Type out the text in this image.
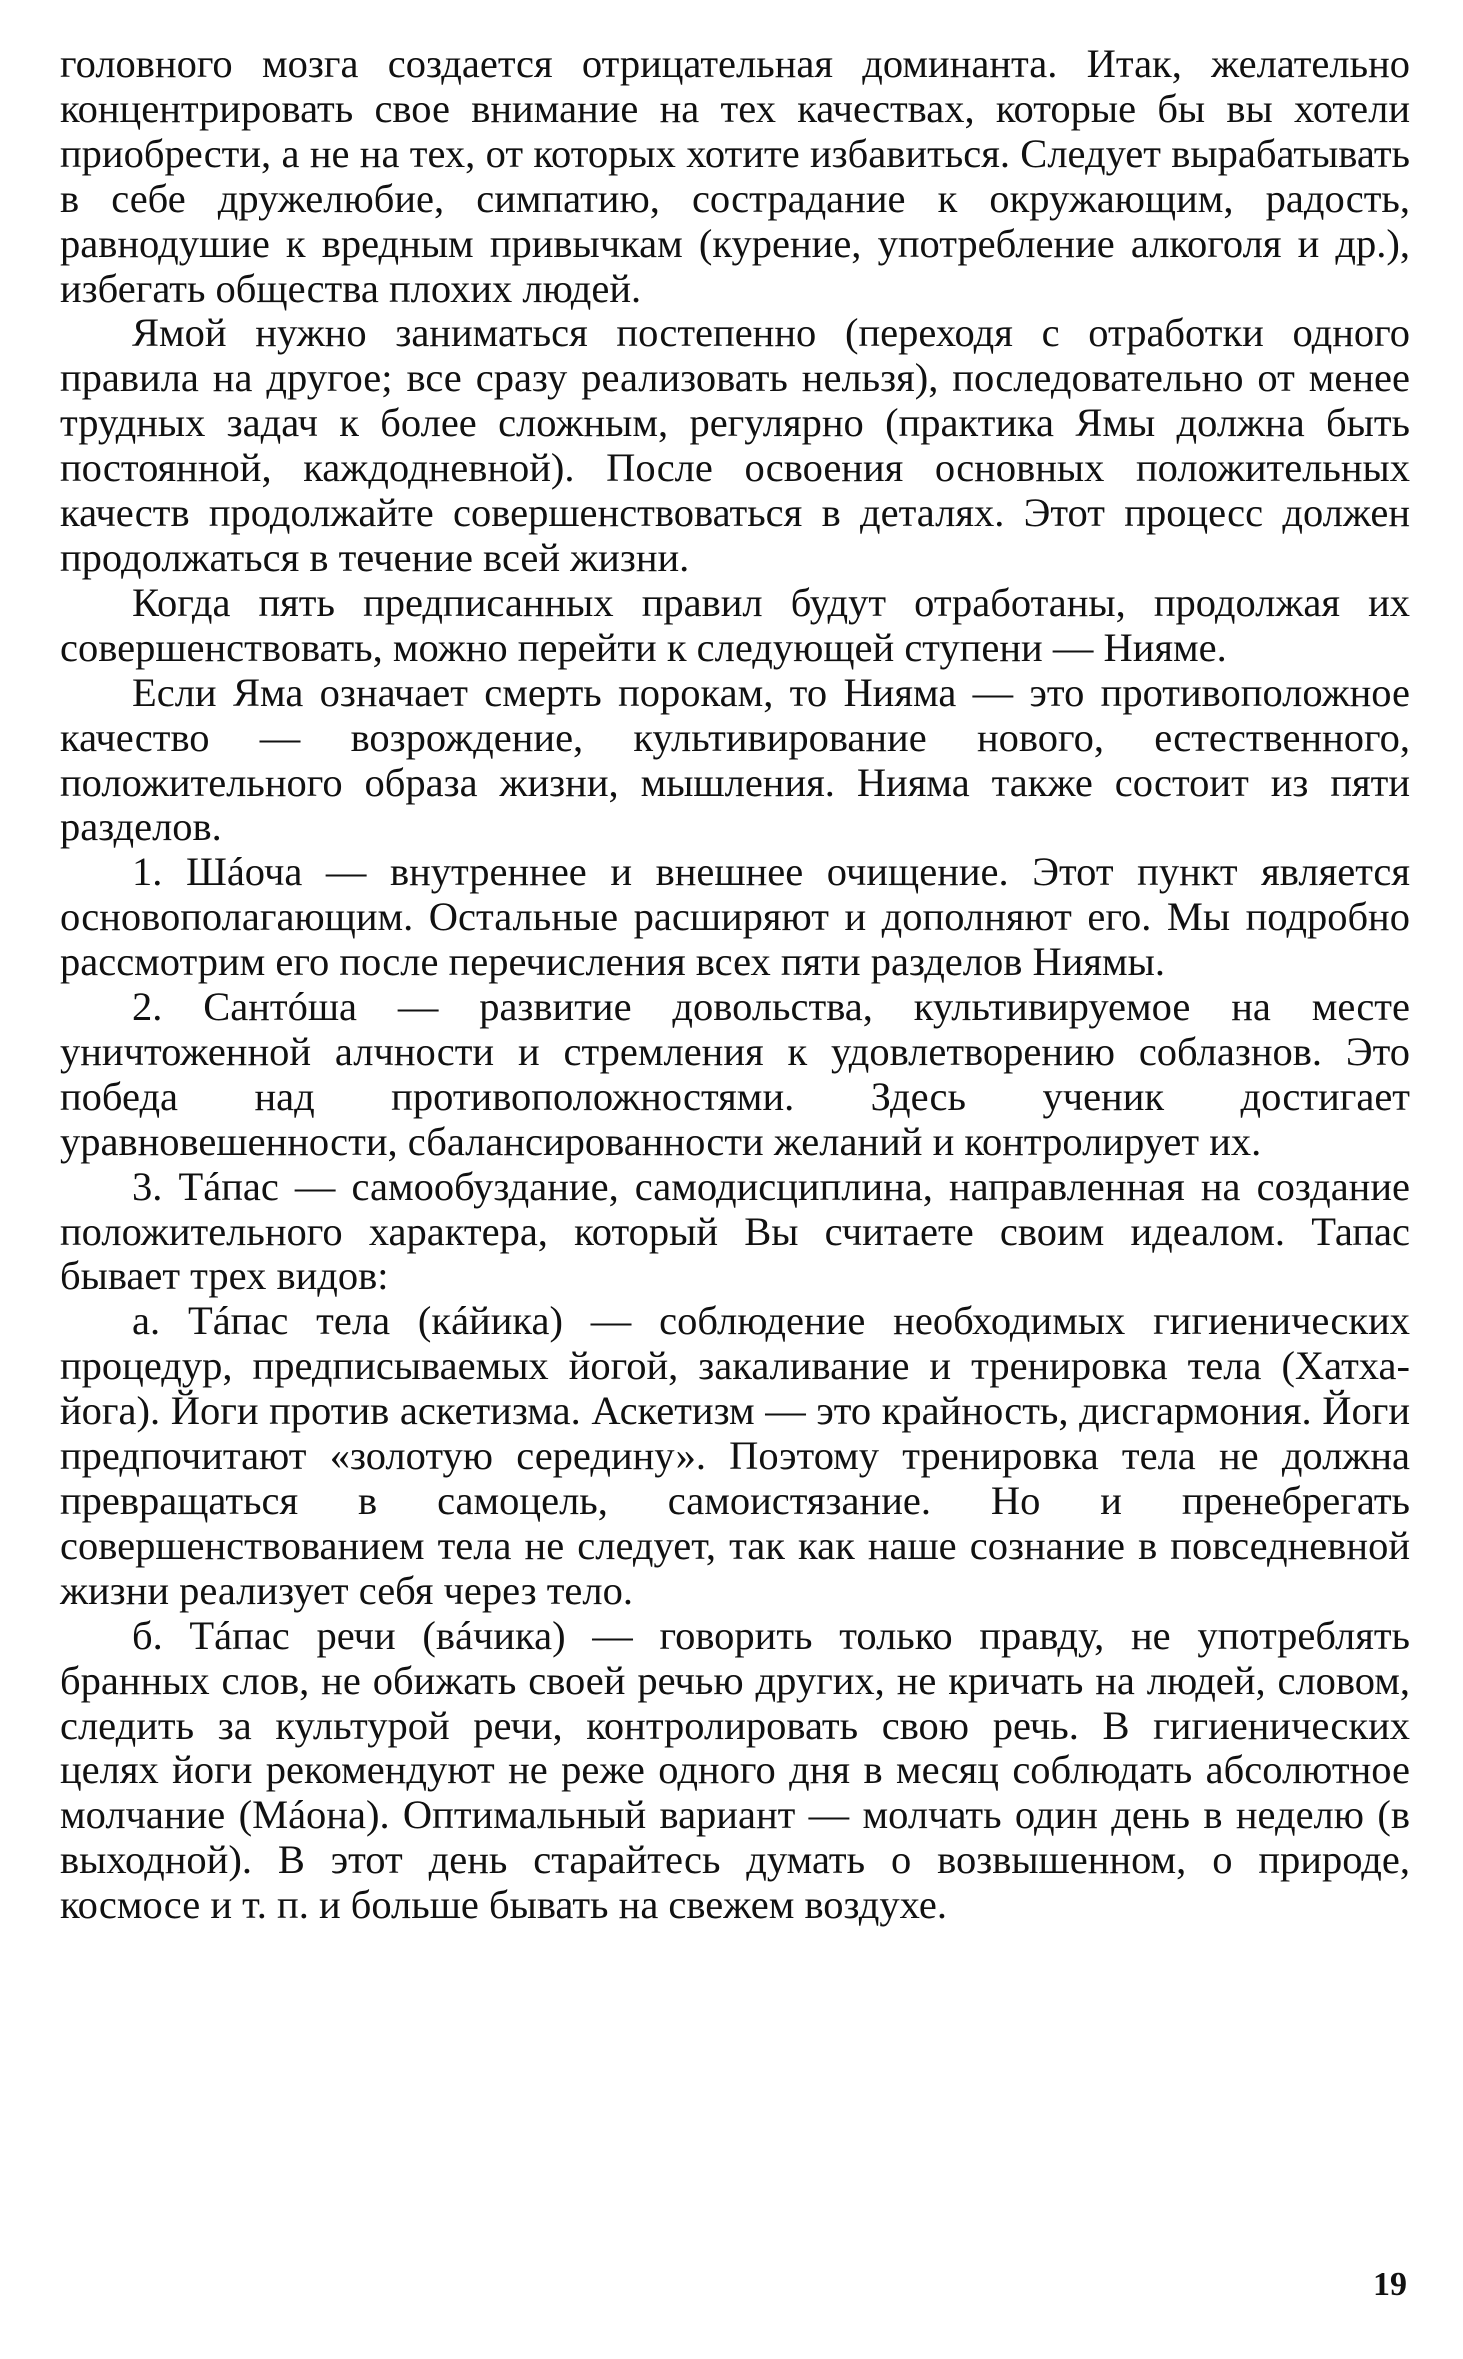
головного мозга создается отрицательная доминанта. Итак, желательно концентрировать свое внимание на тех качествах, которые бы вы хотели приобрести, а не на тех, от которых хотите избавиться. Следует вырабатывать в себе дружелюбие, симпатию, сострадание к окружающим, радость, равнодушие к вредным привычкам (курение, употребление алкоголя и др.), избегать общества плохих людей.

Ямой нужно заниматься постепенно (переходя с отработки одного правила на другое; все сразу реализовать нельзя), последовательно от менее трудных задач к более сложным, регулярно (практика Ямы должна быть постоянной, каждодневной). После освоения основных положительных качеств продолжайте совершенствоваться в деталях. Этот процесс должен продолжаться в течение всей жизни.

Когда пять предписанных правил будут отработаны, продолжая их совершенствовать, можно перейти к следующей ступени — Нияме.

Если Яма означает смерть порокам, то Нияма — это противоположное качество — возрождение, культивирование нового, естественного, положительного образа жизни, мышления. Нияма также состоит из пяти разделов.

1. Шáоча — внутреннее и внешнее очищение. Этот пункт является основополагающим. Остальные расширяют и дополняют его. Мы подробно рассмотрим его после перечисления всех пяти разделов Ниямы.

2. Сантóша — развитие довольства, культивируемое на месте уничтоженной алчности и стремления к удовлетворению соблазнов. Это победа над противоположностями. Здесь ученик достигает уравновешенности, сбалансированности желаний и контролирует их.

3. Тáпас — самообуздание, самодисциплина, направленная на создание положительного характера, который Вы считаете своим идеалом. Тапас бывает трех видов:

а. Тáпас тела (кáйика) — соблюдение необходимых гигиенических процедур, предписываемых йогой, закаливание и тренировка тела (Хатха-йога). Йоги против аскетизма. Аскетизм — это крайность, дисгармония. Йоги предпочитают «золотую середину». Поэтому тренировка тела не должна превращаться в самоцель, самоистязание. Но и пренебрегать совершенствованием тела не следует, так как наше сознание в повседневной жизни реализует себя через тело.

б. Тáпас речи (вáчика) — говорить только правду, не употреблять бранных слов, не обижать своей речью других, не кричать на людей, словом, следить за культурой речи, контролировать свою речь. В гигиенических целях йоги рекомендуют не реже одного дня в месяц соблюдать абсолютное молчание (Мáона). Оптимальный вариант — молчать один день в неделю (в выходной). В этот день старайтесь думать о возвышенном, о природе, космосе и т. п. и больше бывать на свежем воздухе.

19
